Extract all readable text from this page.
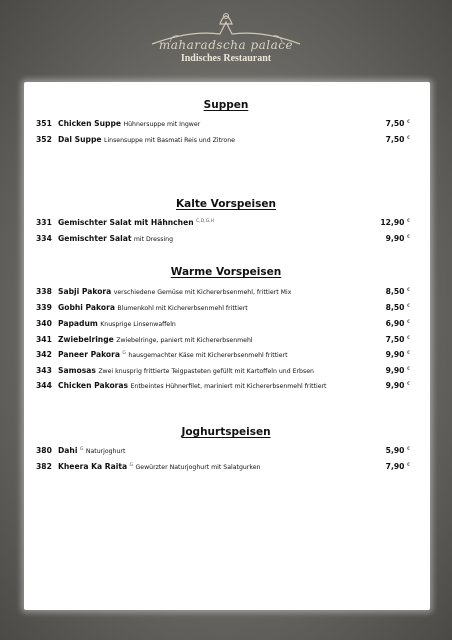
maharadscha palace
Indisches Restaurant
Suppen
351 Chicken Suppe Hühnersuppe mit Ingwer	7,50 €
352 Dal Suppe Linsensuppe mit Basmati Reis und Zitrone	7,50 €
Kalte Vorspeisen
331 Gemischter Salat mit Hähnchen $^{C,D,G,H}$	12,90 €
334 Gemischter Salat mit Dressing	9,90 €
Warme Vorspeisen
338 Sabji Pakora verschiedene Gemüse mit Kichererbsenmehl, frittiert Mix	8,50 €
339 Gobhi Pakora Blumenkohl mit Kichererbsenmehl frittiert	8,50 €
340 Papadum Knusprige Linsenwaffeln	6,90 €
341 Zwiebelringe Zwiebelringe, paniert mit Kichererbsenmehl	7,50 €
342 Paneer Pakora $^G$ hausgemachter Käse mit Kichererbsenmehl frittiert	9,90 €
343 Samosas Zwei knusprig frittierte Teigpasteten gefüllt mit Kartoffeln und Erbsen	9,90 €
344 Chicken Pakoras Entbeintes Hühnerfilet, mariniert mit Kichererbsenmehl frittiert	9,90 €
Joghurtspeisen
380 Dahi $^G$ Naturjoghurt	5,90 €
382 Kheera Ka Raita $^G$ Gewürzter Naturjoghurt mit Salatgurken	7,90 €
